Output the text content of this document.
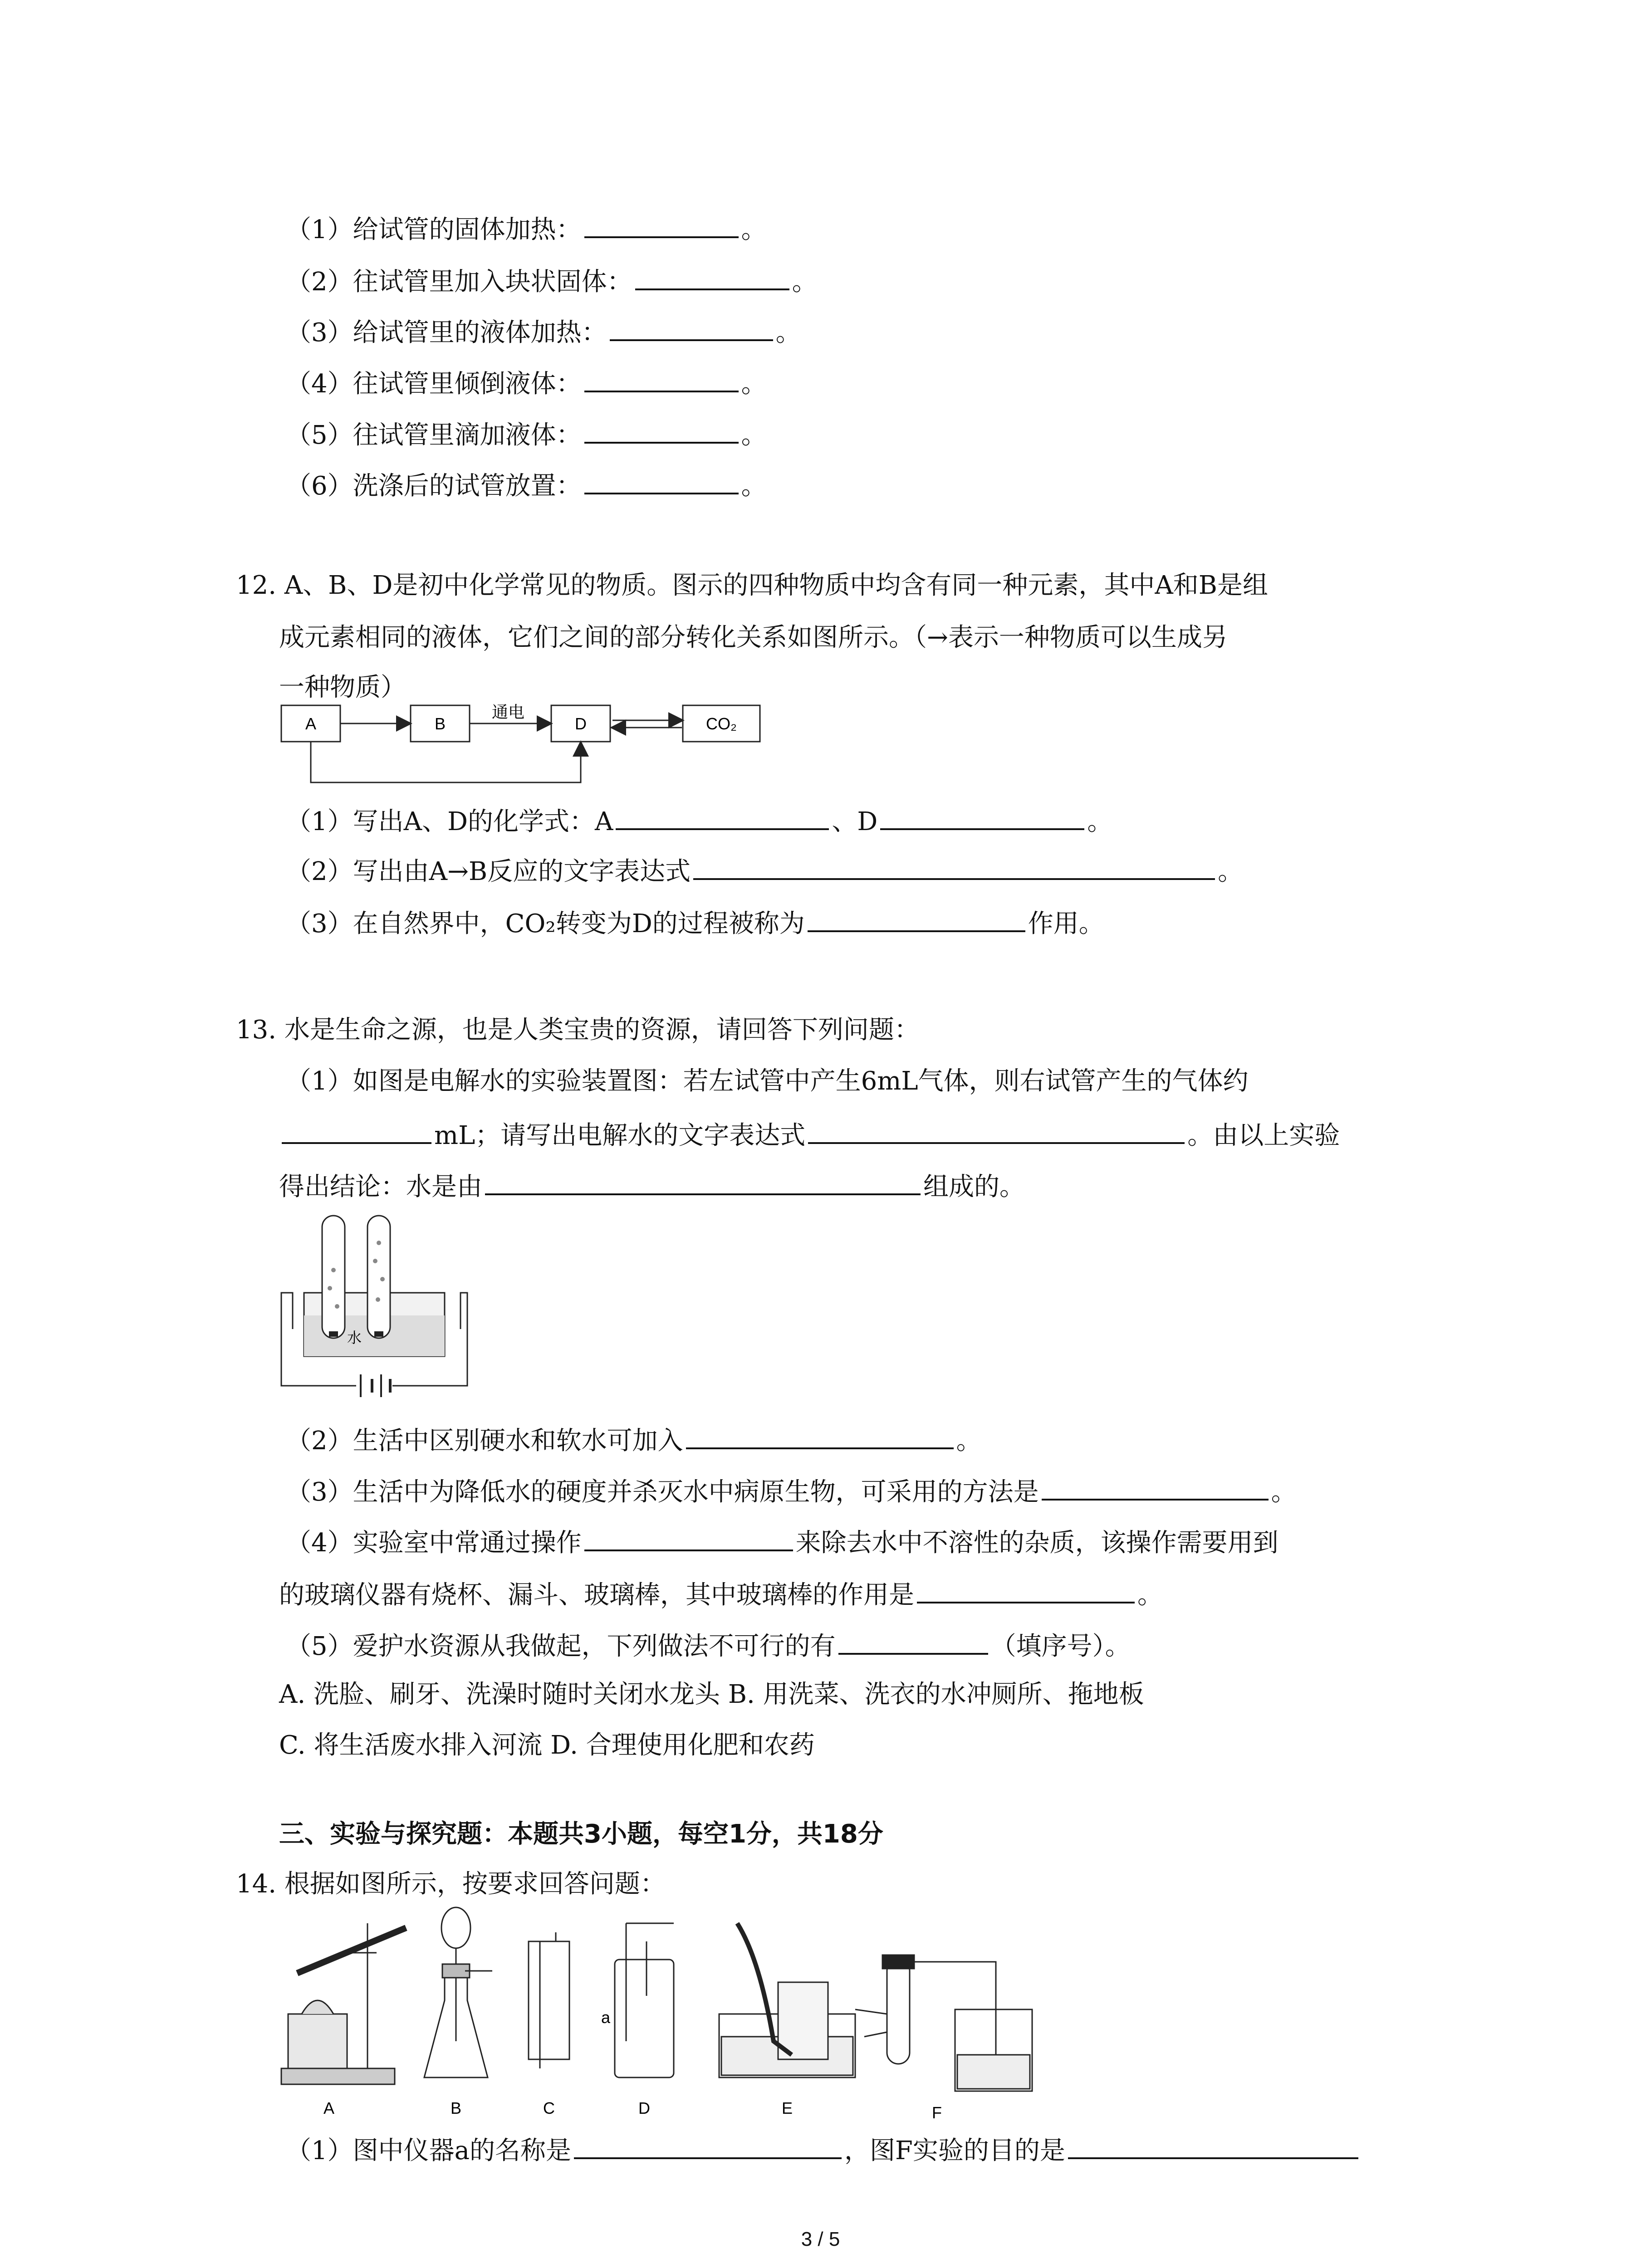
（1）给试管的固体加热：	。
（2）往试管里加入块状固体：	。
（3）给试管里的液体加热：	。
（4）往试管里倾倒液体：	。
（5）往试管里滴加液体：	。
（6）洗涤后的试管放置：	。
12. A、B、D是初中化学常见的物质。图示的四种物质中均含有同一种元素，其中A和B是组
成元素相同的液体，它们之间的部分转化关系如图所示。（→表示一种物质可以生成另
一种物质）
A	B	D	CO₂
通电
（1）写出A、D的化学式：A	、D	。
（2）写出由A→B反应的文字表达式	。
（3）在自然界中，CO₂转变为D的过程被称为	作用。
13. 水是生命之源，也是人类宝贵的资源，请回答下列问题：
（1）如图是电解水的实验装置图：若左试管中产生6mL气体，则右试管产生的气体约
mL；请写出电解水的文字表达式	。由以上实验
得出结论：水是由	组成的。
水
（2）生活中区别硬水和软水可加入	。
（3）生活中为降低水的硬度并杀灭水中病原生物，可采用的方法是	。
（4）实验室中常通过操作	来除去水中不溶性的杂质，该操作需要用到
的玻璃仪器有烧杯、漏斗、玻璃棒，其中玻璃棒的作用是	。
（5）爱护水资源从我做起，下列做法不可行的有	（填序号）。
A. 洗脸、刷牙、洗澡时随时关闭水龙头 B. 用洗菜、洗衣的水冲厕所、拖地板
C. 将生活废水排入河流 D. 合理使用化肥和农药
三、实验与探究题：本题共3小题，每空1分，共18分
14. 根据如图所示，按要求回答问题：
A	B	C
a
D	E	F
（1）图中仪器a的名称是	，图F实验的目的是
3 / 5
